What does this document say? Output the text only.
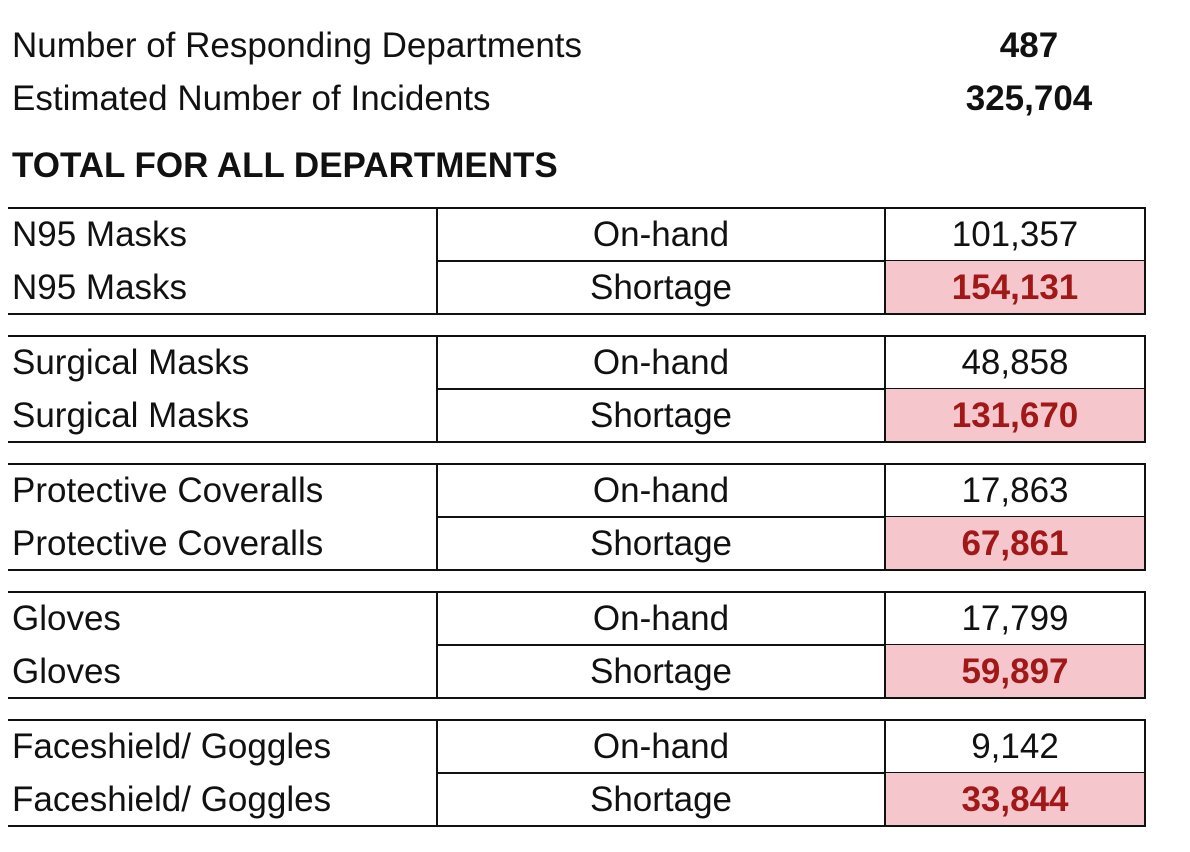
Number of Responding Departments	487
Estimated Number of Incidents	325,704
TOTAL FOR ALL DEPARTMENTS
N95 Masks	On-hand	101,357
N95 Masks	Shortage	154,131
Surgical Masks	On-hand	48,858
Surgical Masks	Shortage	131,670
Protective Coveralls	On-hand	17,863
Protective Coveralls	Shortage	67,861
Gloves	On-hand	17,799
Gloves	Shortage	59,897
Faceshield/ Goggles	On-hand	9,142
Faceshield/ Goggles	Shortage	33,844
